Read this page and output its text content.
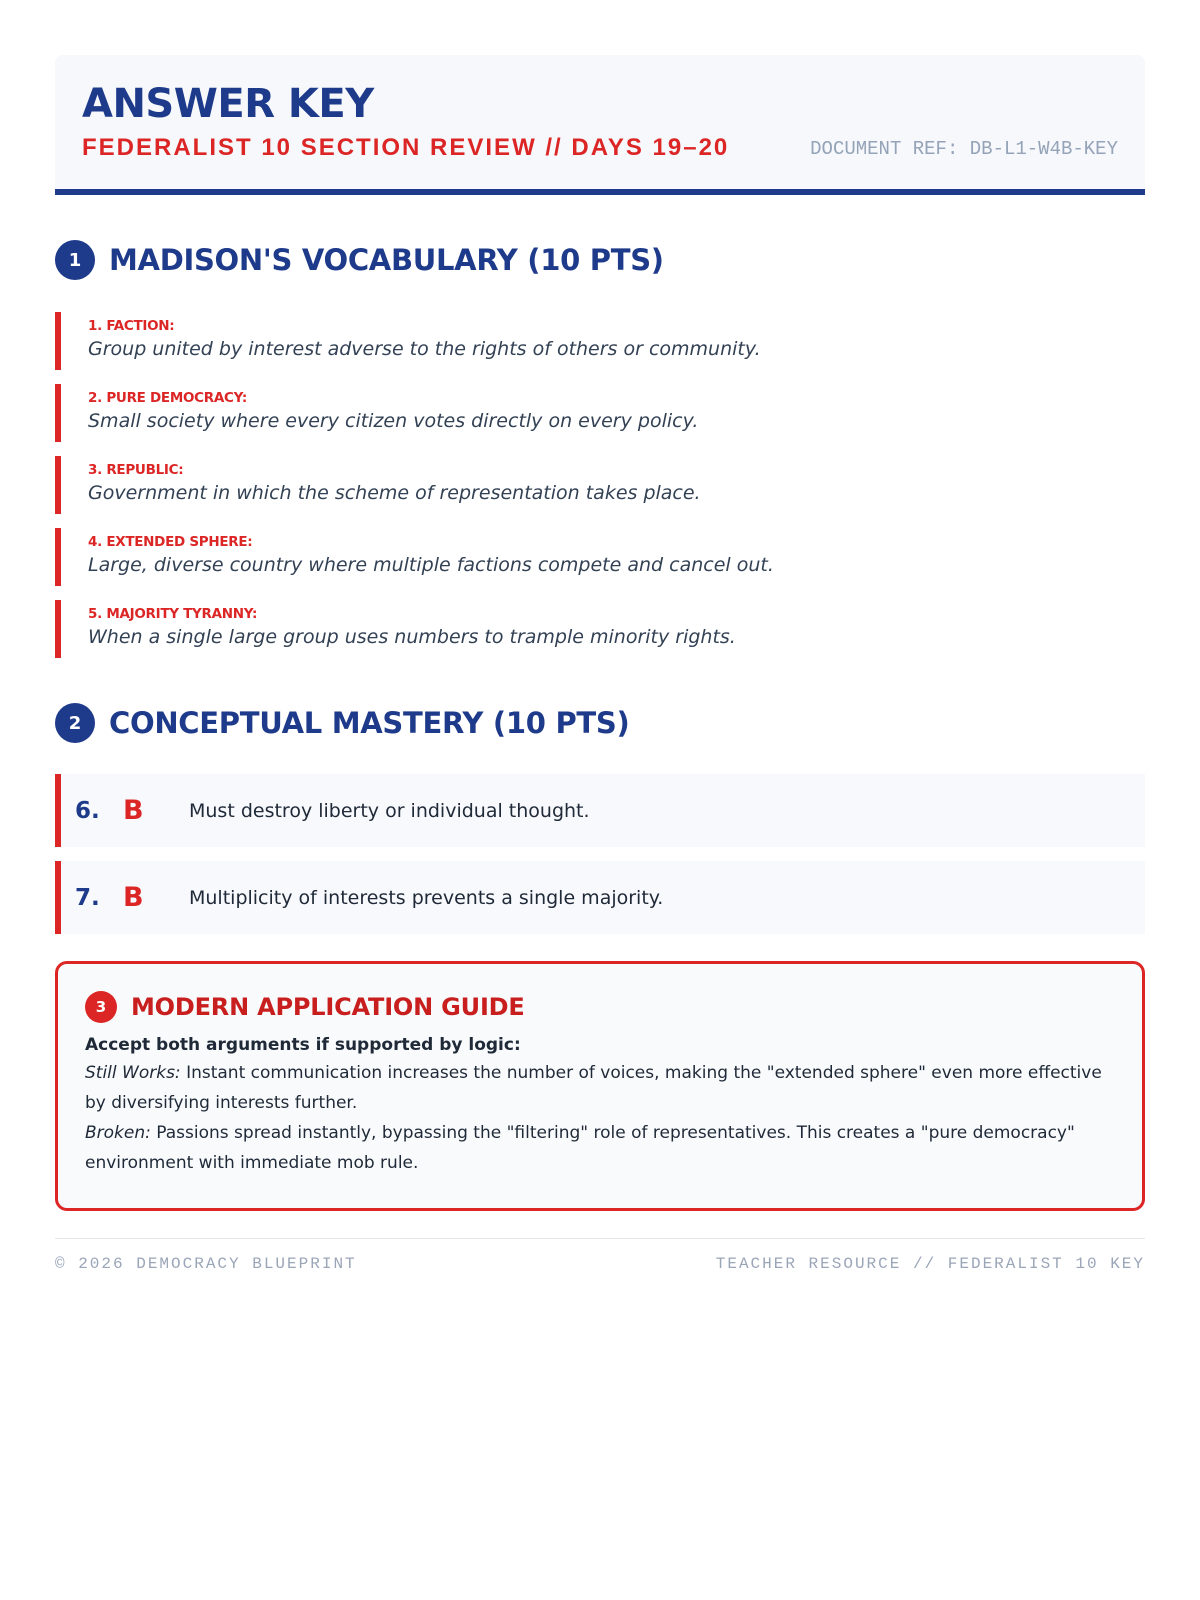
ANSWER KEY
FEDERALIST 10 SECTION REVIEW // DAYS 19–20	DOCUMENT REF: DB-L1-W4B-KEY
1 MADISON'S VOCABULARY (10 PTS)
1. FACTION:
Group united by interest adverse to the rights of others or community.
2. PURE DEMOCRACY:
Small society where every citizen votes directly on every policy.
3. REPUBLIC:
Government in which the scheme of representation takes place.
4. EXTENDED SPHERE:
Large, diverse country where multiple factions compete and cancel out.
5. MAJORITY TYRANNY:
When a single large group uses numbers to trample minority rights.
2 CONCEPTUAL MASTERY (10 PTS)
6. B	Must destroy liberty or individual thought.
7. B	Multiplicity of interests prevents a single majority.
3	MODERN APPLICATION GUIDE
Accept both arguments if supported by logic:

Still Works: Instant communication increases the number of voices, making the "extended sphere" even more effective by diversifying interests further.

Broken: Passions spread instantly, bypassing the "filtering" role of representatives. This creates a "pure democracy" environment with immediate mob rule.

© 2026 DEMOCRACY BLUEPRINT	TEACHER RESOURCE // FEDERALIST 10 KEY
